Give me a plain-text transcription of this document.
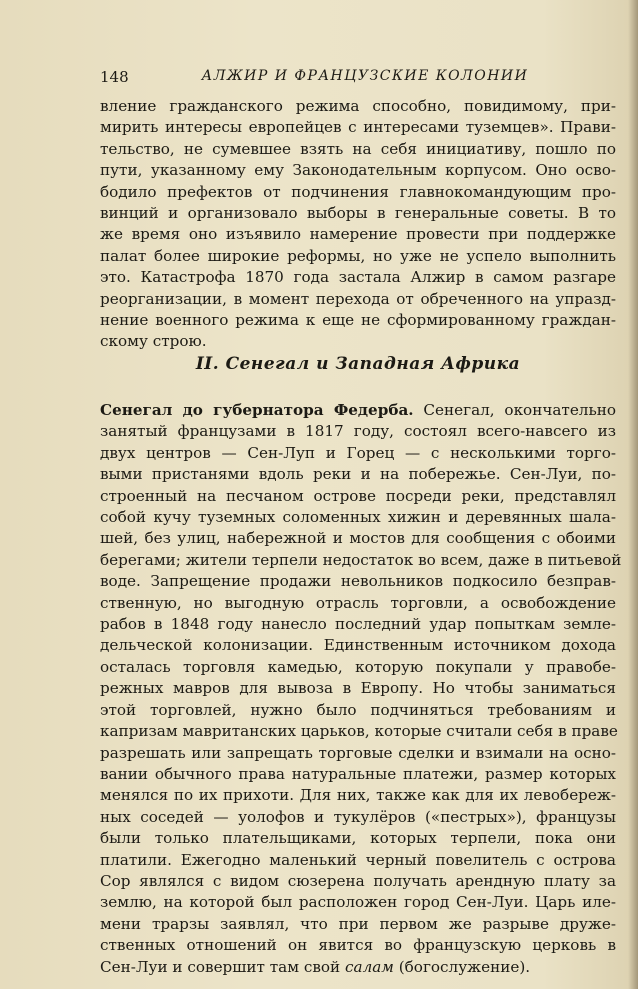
148	АЛЖИР И ФРАНЦУЗСКИЕ КОЛОНИИ
вление гражданского режима способно, повидимому, при-
мирить интересы европейцев с интересами туземцев». Прави-
тельство, не сумевшее взять на себя инициативу, пошло по
пути, указанному ему Законодательным корпусом. Оно осво-
бодило префектов от подчинения главнокомандующим про-
винций и организовало выборы в генеральные советы. В то
же время оно изъявило намерение провести при поддержке
палат более широкие реформы, но уже не успело выполнить
это. Катастрофа 1870 года застала Алжир в самом разгаре
реорганизации, в момент перехода от обреченного на упразд-
нение военного режима к еще не сформированному граждан-
скому строю.
II. Сенегал и Западная Африка
Сенегал до губернатора Федерба. Сенегал, окончательно
занятый французами в 1817 году, состоял всего-навсего из
двух центров — Сен-Луп и Горец — с несколькими торго-
выми пристанями вдоль реки и на побережье. Сен-Луи, по-
строенный на песчаном острове посреди реки, представлял
собой кучу туземных соломенных хижин и деревянных шала-
шей, без улиц, набережной и мостов для сообщения с обоими
берегами; жители терпели недостаток во всем, даже в питьевой
воде. Запрещение продажи невольников подкосило безправ-
ственную, но выгодную отрасль торговли, а освобождение
рабов в 1848 году нанесло последний удар попыткам земле-
дельческой колонизации. Единственным источником дохода
осталась торговля камедью, которую покупали у правобе-
режных мавров для вывоза в Европу. Но чтобы заниматься
этой торговлей, нужно было подчиняться требованиям и
капризам мавританских царьков, которые считали себя в праве
разрешать или запрещать торговые сделки и взимали на осно-
вании обычного права натуральные платежи, размер которых
менялся по их прихоти. Для них, также как для их левобереж-
ных соседей — уолофов и тукулёров («пестрых»), французы
были только плательщиками, которых терпели, пока они
платили. Ежегодно маленький черный повелитель с острова
Сор являлся с видом сюзерена получать арендную плату за
землю, на которой был расположен город Сен-Луи. Царь иле-
мени трарзы заявлял, что при первом же разрыве друже-
ственных отношений он явится во французскую церковь в
Сен-Луи и совершит там свой салам (богослужение).
